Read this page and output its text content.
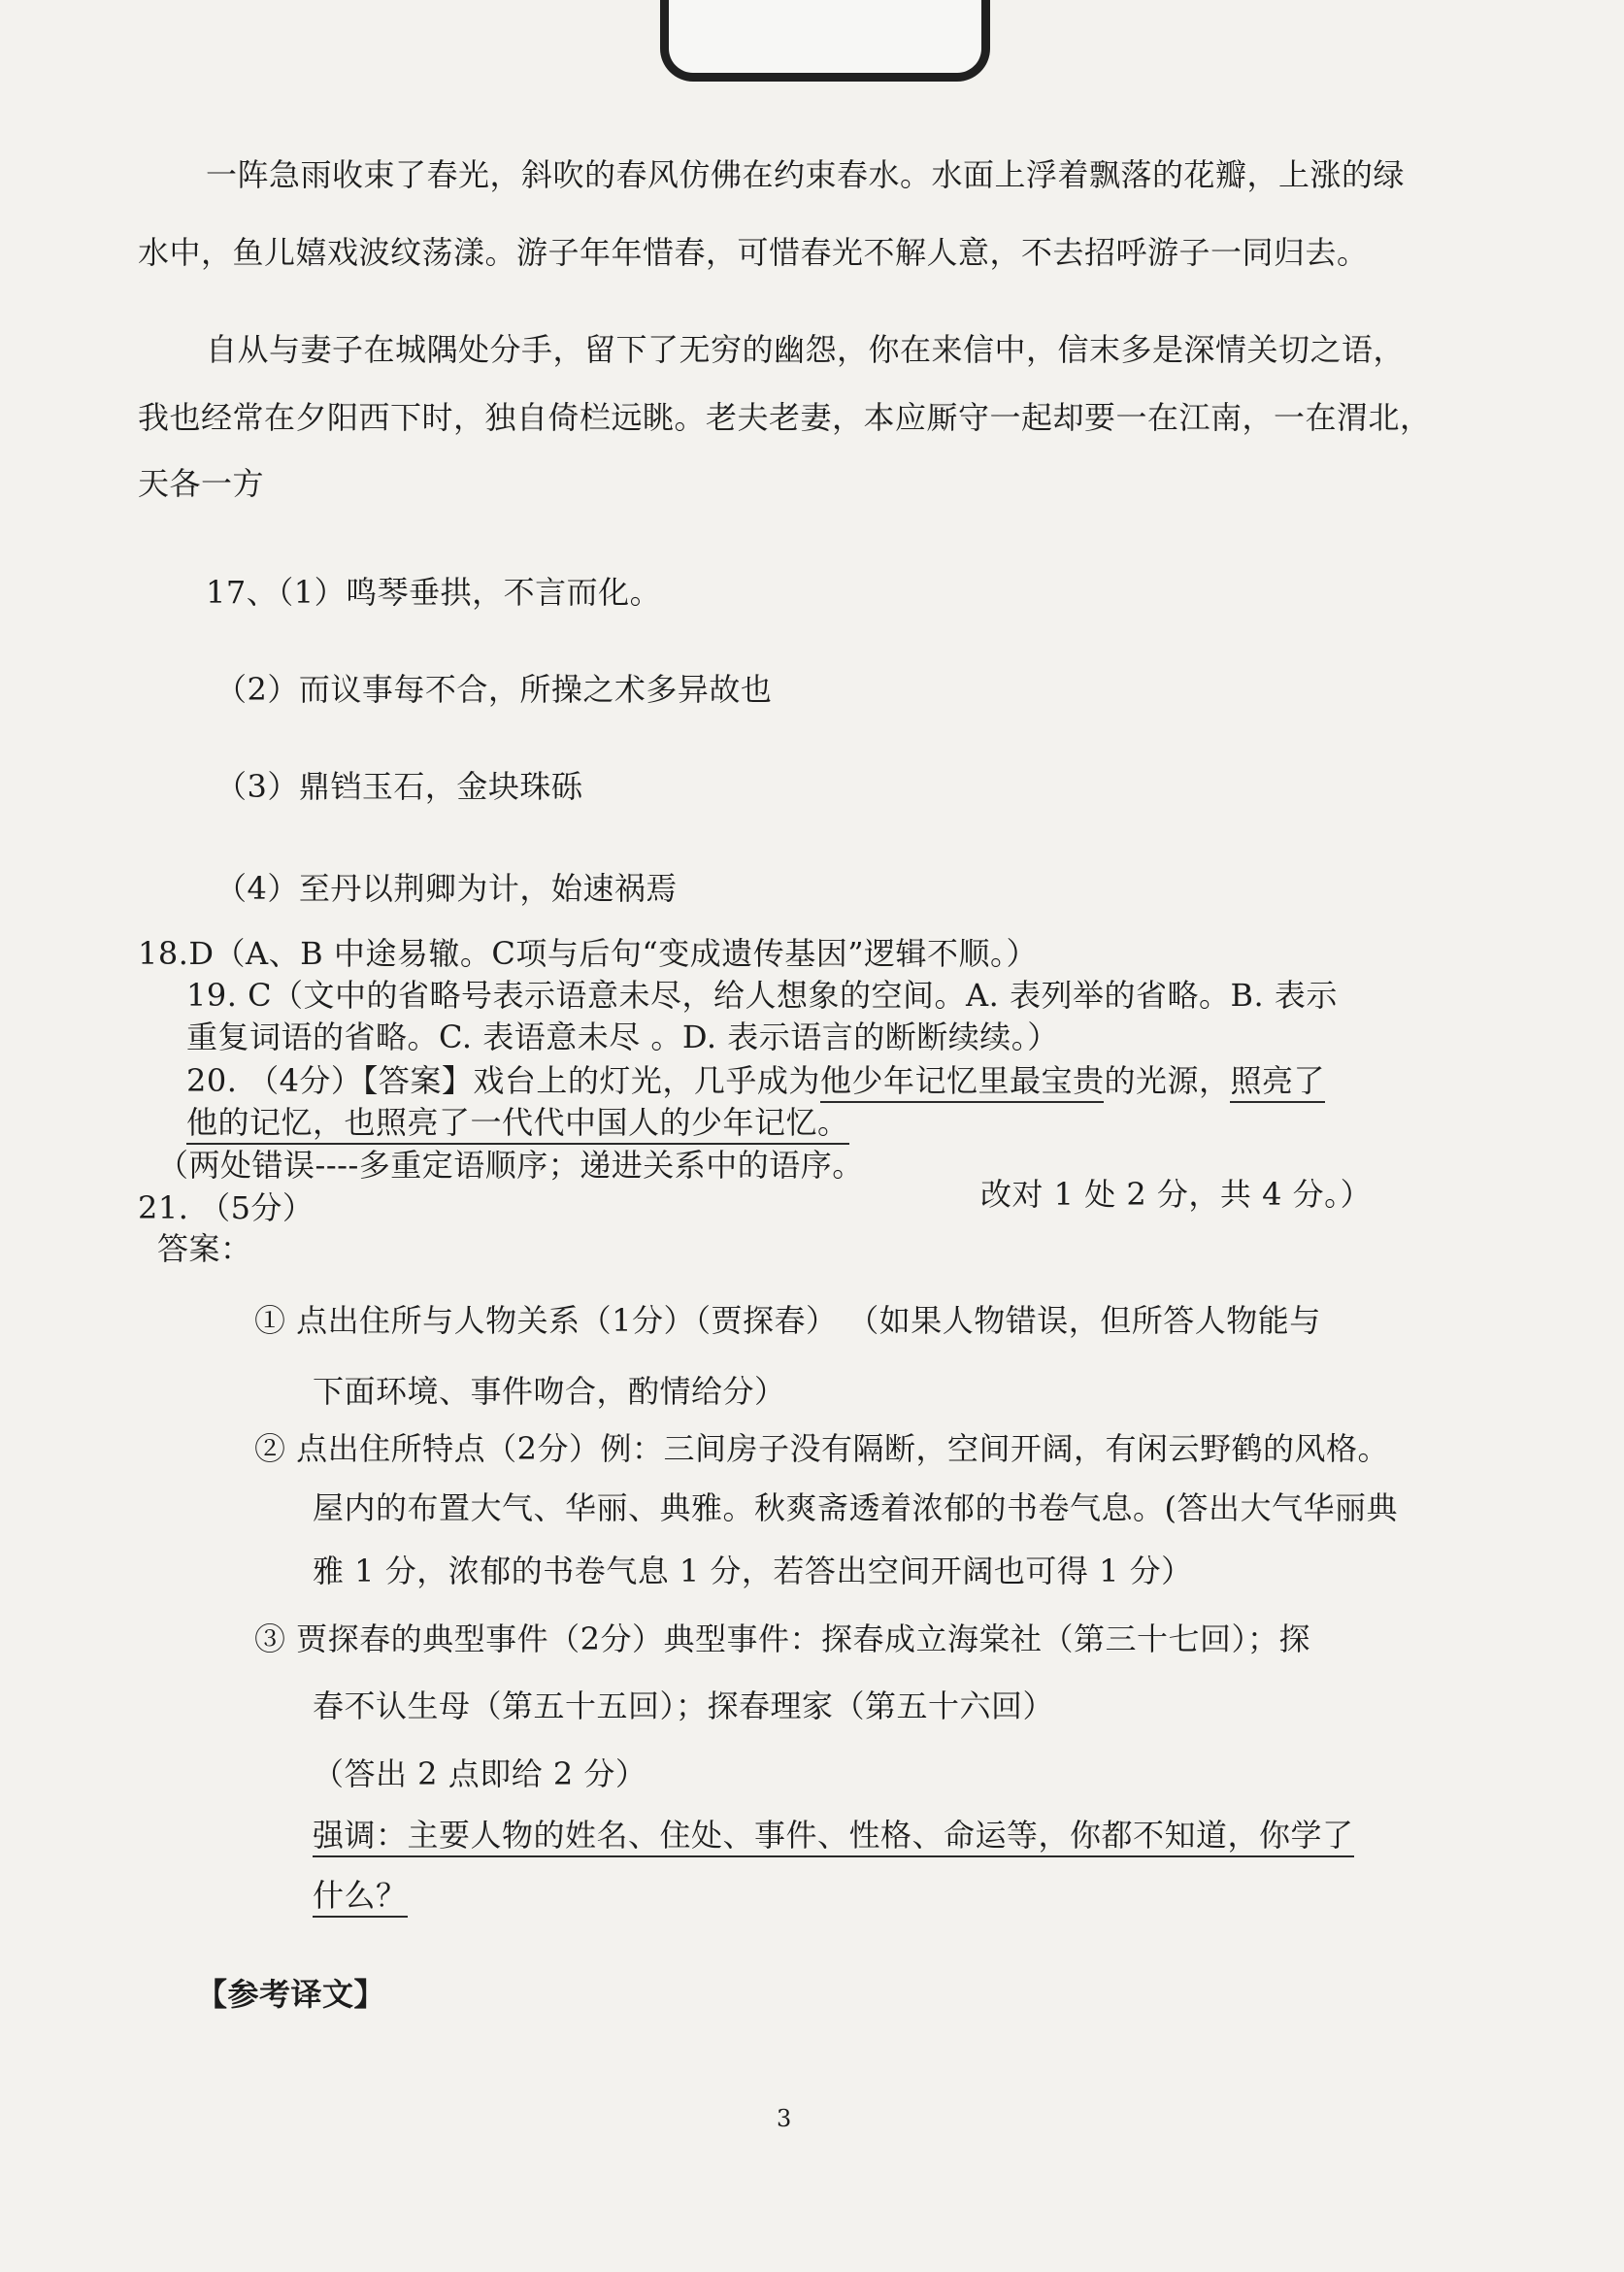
一阵急雨收束了春光，斜吹的春风仿佛在约束春水。水面上浮着飘落的花瓣，上涨的绿
水中，鱼儿嬉戏波纹荡漾。游子年年惜春，可惜春光不解人意，不去招呼游子一同归去。
自从与妻子在城隅处分手，留下了无穷的幽怨，你在来信中，信末多是深情关切之语，
我也经常在夕阳西下时，独自倚栏远眺。老夫老妻，本应厮守一起却要一在江南，一在渭北，
天各一方
17、（1）鸣琴垂拱，不言而化。
（2）而议事每不合，所操之术多异故也
（3）鼎铛玉石，金块珠砾
（4）至丹以荆卿为计，始速祸焉
18.D（A、B 中途易辙。C项与后句“变成遗传基因”逻辑不顺。）
19. C（文中的省略号表示语意未尽，给人想象的空间。A. 表列举的省略。B. 表示
重复词语的省略。C. 表语意未尽 。D. 表示语言的断断续续。）
20. （4分）【答案】戏台上的灯光，几乎成为他少年记忆里最宝贵的光源，照亮了
他的记忆，也照亮了一代代中国人的少年记忆。
（两处错误----多重定语顺序；递进关系中的语序。
改对 1 处 2 分，共 4 分。）
21. （5分）
答案：
① 点出住所与人物关系（1分）（贾探春） （如果人物错误，但所答人物能与
下面环境、事件吻合，酌情给分）
② 点出住所特点（2分）例：三间房子没有隔断，空间开阔，有闲云野鹤的风格。
屋内的布置大气、华丽、典雅。秋爽斋透着浓郁的书卷气息。(答出大气华丽典
雅 1 分，浓郁的书卷气息 1 分，若答出空间开阔也可得 1 分）
③ 贾探春的典型事件（2分）典型事件：探春成立海棠社（第三十七回）；探
春不认生母（第五十五回）；探春理家（第五十六回）
（答出 2 点即给 2 分）
强调：主要人物的姓名、住处、事件、性格、命运等，你都不知道，你学了
什么？
【参考译文】
3
